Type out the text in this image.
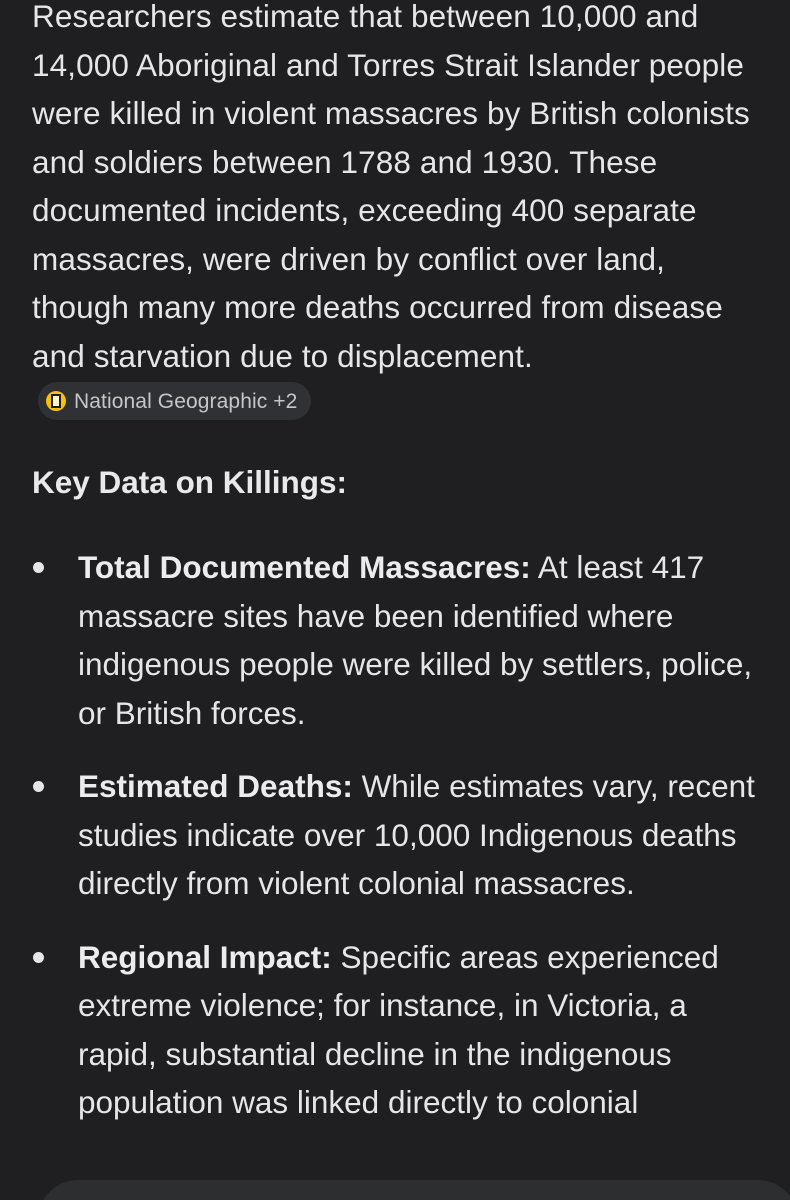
Researchers estimate that between 10,000 and 14,000 Aboriginal and Torres Strait Islander people were killed in violent massacres by British colonists and soldiers between 1788 and 1930. These documented incidents, exceeding 400 separate massacres, were driven by conflict over land, though many more deaths occurred from disease and starvation due to displacement.
National Geographic +2

Key Data on Killings:
Total Documented Massacres: At least 417 massacre sites have been identified where indigenous people were killed by settlers, police, or British forces.
Estimated Deaths: While estimates vary, recent studies indicate over 10,000 Indigenous deaths directly from violent colonial massacres.
Regional Impact: Specific areas experienced extreme violence; for instance, in Victoria, a rapid, substantial decline in the indigenous population was linked directly to colonial
